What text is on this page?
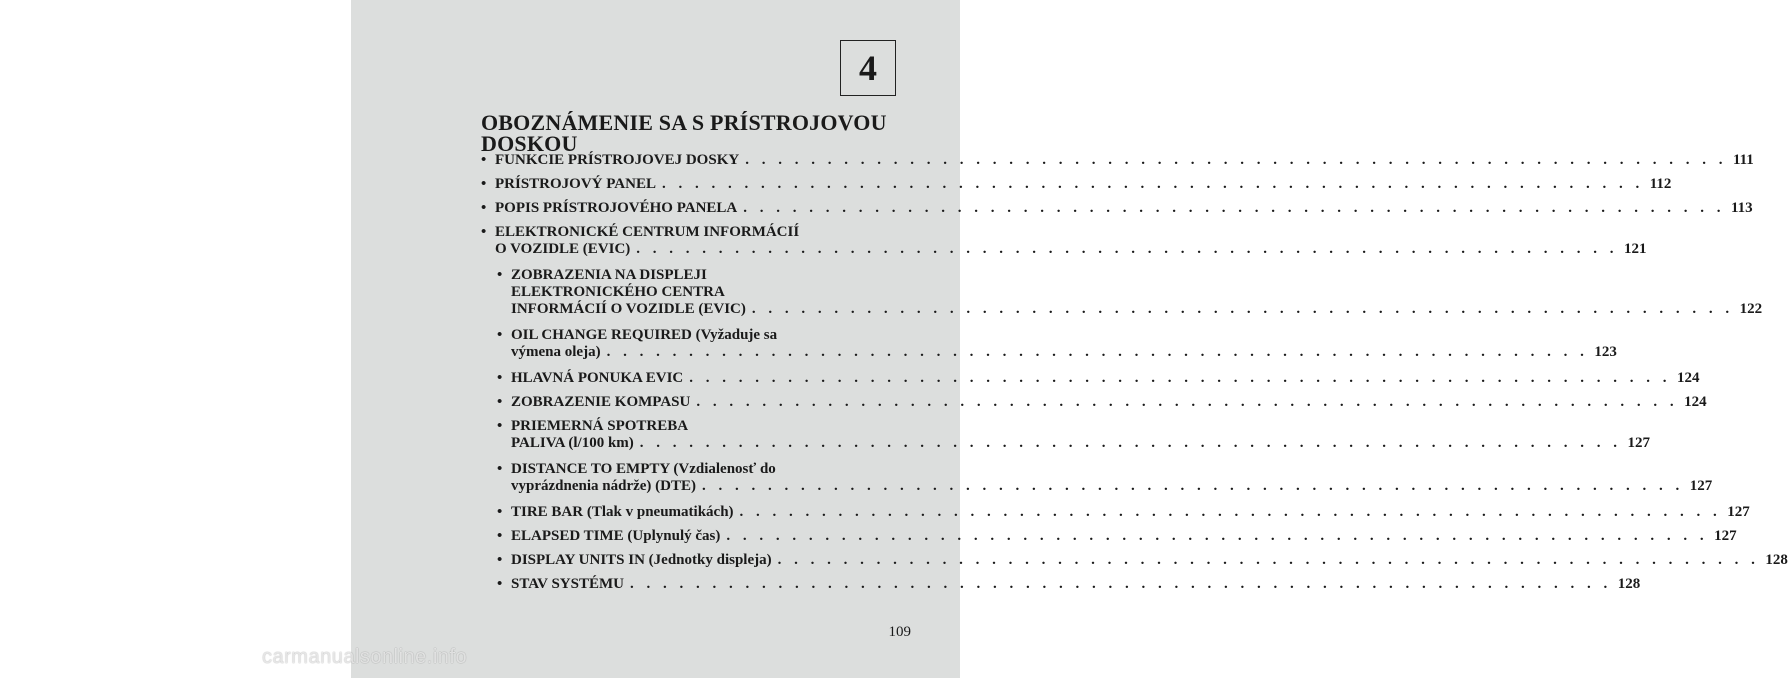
4
OBOZNÁMENIE SA S PRÍSTROJOVOU DOSKOU
• FUNKCIE PRÍSTROJOVEJ DOSKY . . . . . . . . . . . . . . . . . . . . . . . . . . . . . . . . . . . . . . . . . . . . . . . . . . . . . . . . . . . . 111
• PRÍSTROJOVÝ PANEL . . . . . . . . . . . . . . . . . . . . . . . . . . . . . . . . . . . . . . . . . . . . . . . . . . . . . . . . . . . . 112
• POPIS PRÍSTROJOVÉHO PANELA . . . . . . . . . . . . . . . . . . . . . . . . . . . . . . . . . . . . . . . . . . . . . . . . . . . . . . . . . . . . 113
• ELEKTRONICKÉ CENTRUM INFORMÁCIÍ
O VOZIDLE (EVIC) . . . . . . . . . . . . . . . . . . . . . . . . . . . . . . . . . . . . . . . . . . . . . . . . . . . . . . . . . . . . 121
• ZOBRAZENIA NA DISPLEJI
ELEKTRONICKÉHO CENTRA
INFORMÁCIÍ O VOZIDLE (EVIC) . . . . . . . . . . . . . . . . . . . . . . . . . . . . . . . . . . . . . . . . . . . . . . . . . . . . . . . . . . . . 122
• OIL CHANGE REQUIRED (Vyžaduje sa
výmena oleja) . . . . . . . . . . . . . . . . . . . . . . . . . . . . . . . . . . . . . . . . . . . . . . . . . . . . . . . . . . . . 123
• HLAVNÁ PONUKA EVIC . . . . . . . . . . . . . . . . . . . . . . . . . . . . . . . . . . . . . . . . . . . . . . . . . . . . . . . . . . . . 124
• ZOBRAZENIE KOMPASU . . . . . . . . . . . . . . . . . . . . . . . . . . . . . . . . . . . . . . . . . . . . . . . . . . . . . . . . . . . . 124
• PRIEMERNÁ SPOTREBA
PALIVA (l/100 km) . . . . . . . . . . . . . . . . . . . . . . . . . . . . . . . . . . . . . . . . . . . . . . . . . . . . . . . . . . . . 127
• DISTANCE TO EMPTY (Vzdialenosť do
vyprázdnenia nádrže) (DTE) . . . . . . . . . . . . . . . . . . . . . . . . . . . . . . . . . . . . . . . . . . . . . . . . . . . . . . . . . . . . 127
• TIRE BAR (Tlak v pneumatikách) . . . . . . . . . . . . . . . . . . . . . . . . . . . . . . . . . . . . . . . . . . . . . . . . . . . . . . . . . . . . 127
• ELAPSED TIME (Uplynulý čas) . . . . . . . . . . . . . . . . . . . . . . . . . . . . . . . . . . . . . . . . . . . . . . . . . . . . . . . . . . . . 127
• DISPLAY UNITS IN (Jednotky displeja) . . . . . . . . . . . . . . . . . . . . . . . . . . . . . . . . . . . . . . . . . . . . . . . . . . . . . . . . . . . . 128
• STAV SYSTÉMU . . . . . . . . . . . . . . . . . . . . . . . . . . . . . . . . . . . . . . . . . . . . . . . . . . . . . . . . . . . . 128
109
carmanualsonline.info
